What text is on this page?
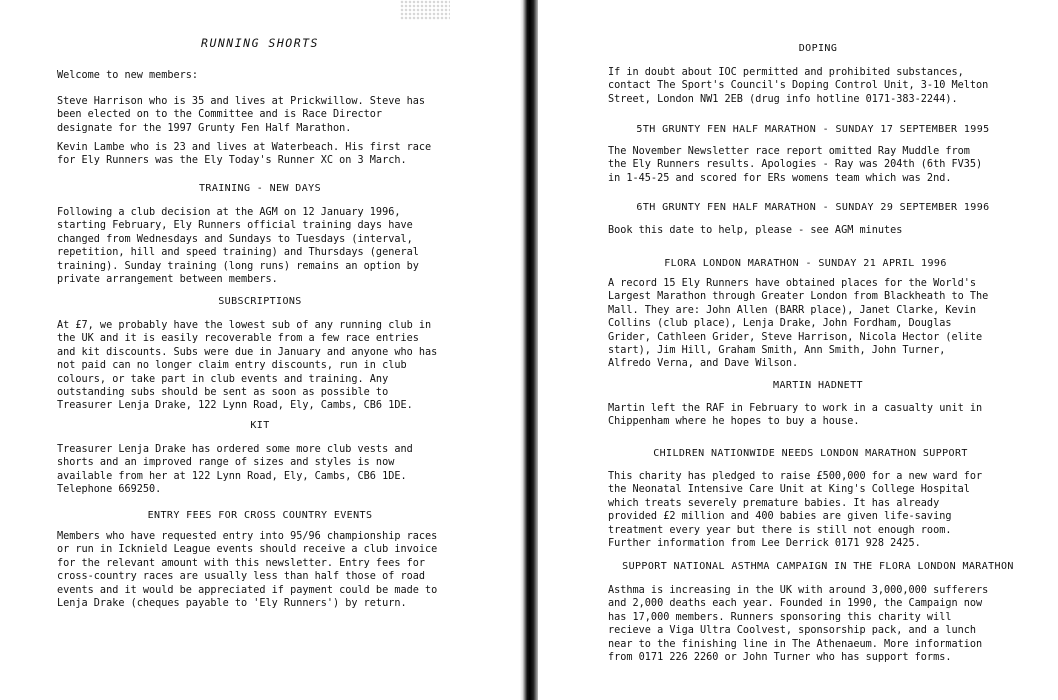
RUNNING SHORTS

Welcome to new members:

Steve Harrison who is 35 and lives at Prickwillow. Steve has
been elected on to the Committee and is Race Director
designate for the 1997 Grunty Fen Half Marathon.

Kevin Lambe who is 23 and lives at Waterbeach. His first race
for Ely Runners was the Ely Today's Runner XC on 3 March.

TRAINING - NEW DAYS

Following a club decision at the AGM on 12 January 1996,
starting February, Ely Runners official training days have
changed from Wednesdays and Sundays to Tuesdays (interval,
repetition, hill and speed training) and Thursdays (general
training). Sunday training (long runs) remains an option by
private arrangement between members.

SUBSCRIPTIONS

At £7, we probably have the lowest sub of any running club in
the UK and it is easily recoverable from a few race entries
and kit discounts. Subs were due in January and anyone who has
not paid can no longer claim entry discounts, run in club
colours, or take part in club events and training. Any
outstanding subs should be sent as soon as possible to
Treasurer Lenja Drake, 122 Lynn Road, Ely, Cambs, CB6 1DE.

KIT

Treasurer Lenja Drake has ordered some more club vests and
shorts and an improved range of sizes and styles is now
available from her at 122 Lynn Road, Ely, Cambs, CB6 1DE.
Telephone 669250.

ENTRY FEES FOR CROSS COUNTRY EVENTS

Members who have requested entry into 95/96 championship races
or run in Icknield League events should receive a club invoice
for the relevant amount with this newsletter. Entry fees for
cross-country races are usually less than half those of road
events and it would be appreciated if payment could be made to
Lenja Drake (cheques payable to 'Ely Runners') by return.

DOPING

If in doubt about IOC permitted and prohibited substances,
contact The Sport's Council's Doping Control Unit, 3-10 Melton
Street, London NW1 2EB (drug info hotline 0171-383-2244).

5TH GRUNTY FEN HALF MARATHON - SUNDAY 17 SEPTEMBER 1995

The November Newsletter race report omitted Ray Muddle from
the Ely Runners results. Apologies - Ray was 204th (6th FV35)
in 1-45-25 and scored for ERs womens team which was 2nd.

6TH GRUNTY FEN HALF MARATHON - SUNDAY 29 SEPTEMBER 1996

Book this date to help, please - see AGM minutes

FLORA LONDON MARATHON - SUNDAY 21 APRIL 1996

A record 15 Ely Runners have obtained places for the World's
Largest Marathon through Greater London from Blackheath to The
Mall. They are: John Allen (BARR place), Janet Clarke, Kevin
Collins (club place), Lenja Drake, John Fordham, Douglas
Grider, Cathleen Grider, Steve Harrison, Nicola Hector (elite
start), Jim Hill, Graham Smith, Ann Smith, John Turner,
Alfredo Verna, and Dave Wilson.

MARTIN HADNETT

Martin left the RAF in February to work in a casualty unit in
Chippenham where he hopes to buy a house.

CHILDREN NATIONWIDE NEEDS LONDON MARATHON SUPPORT

This charity has pledged to raise £500,000 for a new ward for
the Neonatal Intensive Care Unit at King's College Hospital
which treats severely premature babies. It has already
provided £2 million and 400 babies are given life-saving
treatment every year but there is still not enough room.
Further information from Lee Derrick 0171 928 2425.

SUPPORT NATIONAL ASTHMA CAMPAIGN IN THE FLORA LONDON MARATHON

Asthma is increasing in the UK with around 3,000,000 sufferers
and 2,000 deaths each year. Founded in 1990, the Campaign now
has 17,000 members. Runners sponsoring this charity will
recieve a Viga Ultra Coolvest, sponsorship pack, and a lunch
near to the finishing line in The Athenaeum. More information
from 0171 226 2260 or John Turner who has support forms.
